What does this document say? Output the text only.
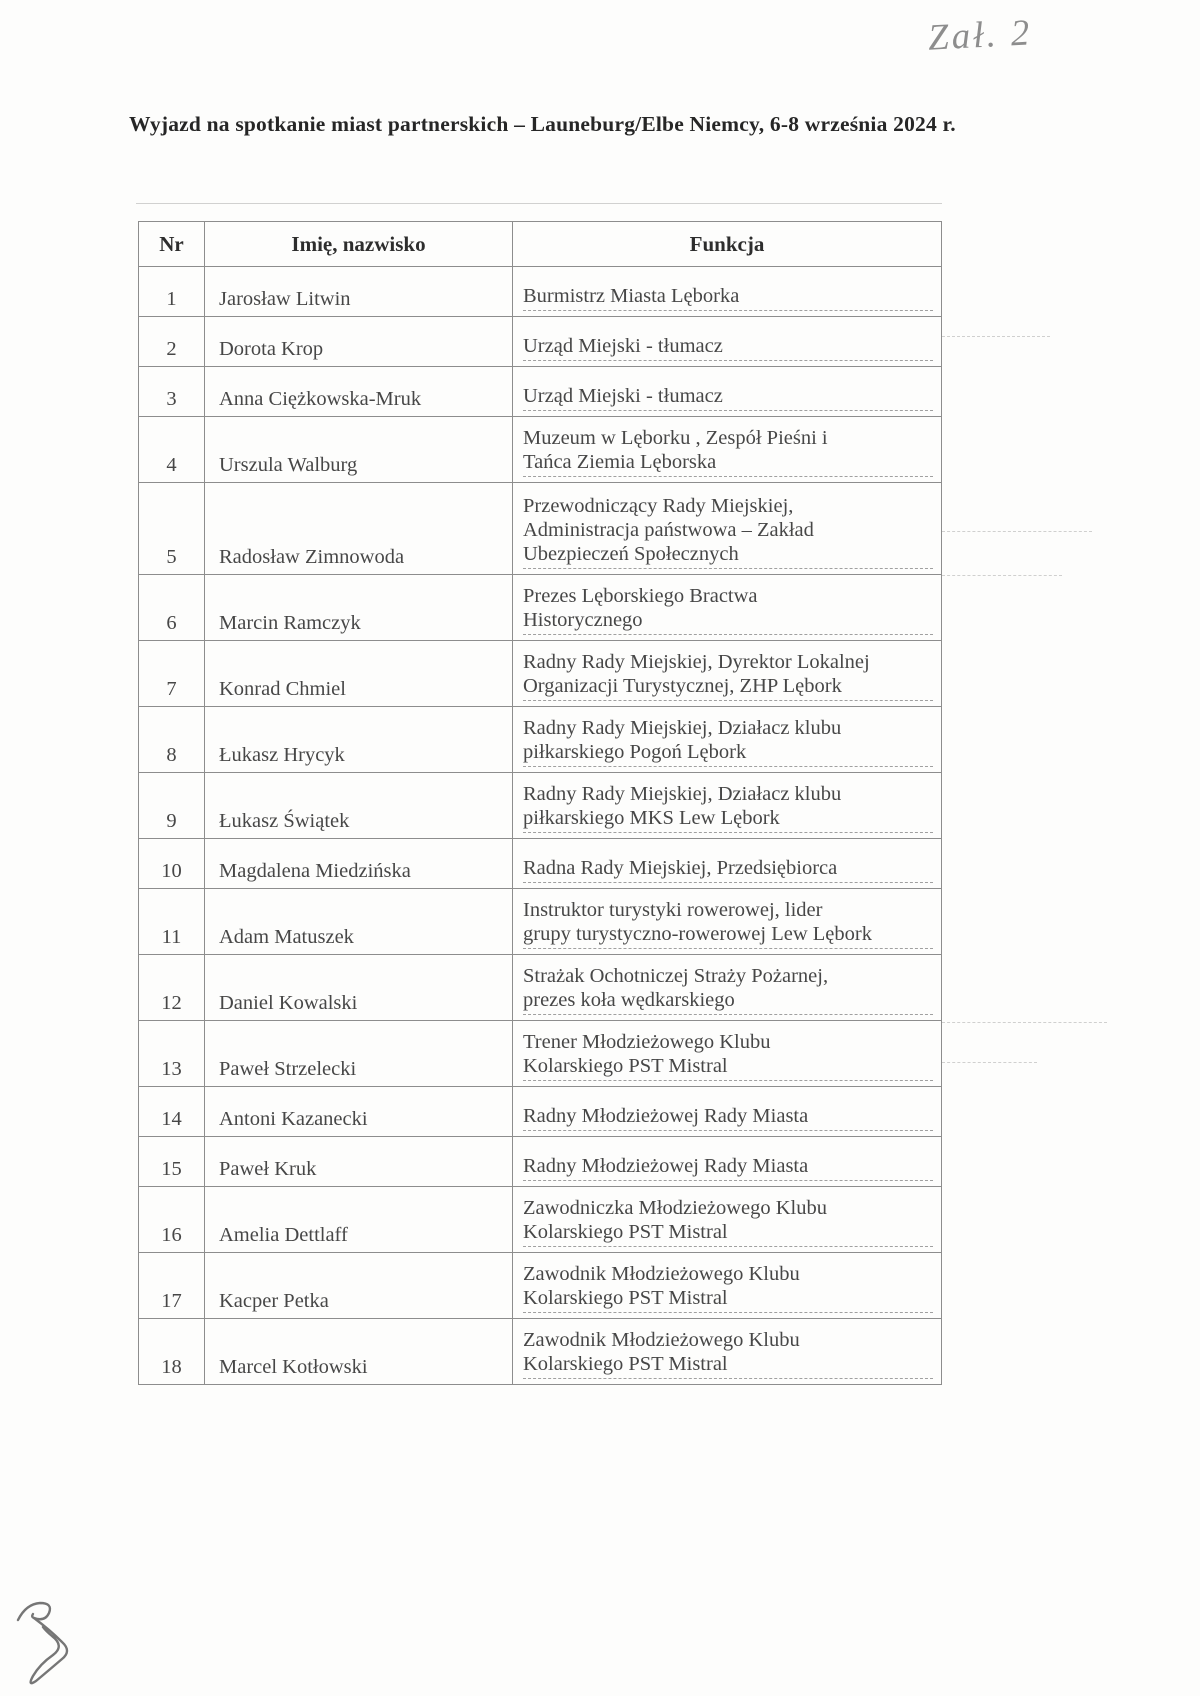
Zał. 2
Wyjazd na spotkanie miast partnerskich – Launeburg/Elbe Niemcy, 6-8 września 2024 r.
Nr	Imię, nazwisko	Funkcja
1	Jarosław Litwin	Burmistrz Miasta Lęborka

2	Dorota Krop	Urząd Miejski - tłumacz

3	Anna Ciężkowska-Mruk	Urząd Miejski - tłumacz

4	Urszula Walburg	Muzeum w Lęborku , Zespół Pieśni i
Tańca Ziemia Lęborska

5	Radosław Zimnowoda	Przewodniczący Rady Miejskiej,
Administracja państwowa – Zakład
Ubezpieczeń Społecznych

6	Marcin Ramczyk	Prezes Lęborskiego Bractwa
Historycznego

7	Konrad Chmiel	Radny Rady Miejskiej, Dyrektor Lokalnej
Organizacji Turystycznej, ZHP Lębork

8	Łukasz Hrycyk	Radny Rady Miejskiej, Działacz klubu
piłkarskiego Pogoń Lębork

9	Łukasz Świątek	Radny Rady Miejskiej, Działacz klubu
piłkarskiego MKS Lew Lębork

10	Magdalena Miedzińska	Radna Rady Miejskiej, Przedsiębiorca

11	Adam Matuszek	Instruktor turystyki rowerowej, lider
grupy turystyczno-rowerowej Lew Lębork

12	Daniel Kowalski	Strażak Ochotniczej Straży Pożarnej,
prezes koła wędkarskiego

13	Paweł Strzelecki	Trener Młodzieżowego Klubu
Kolarskiego PST Mistral

14	Antoni Kazanecki	Radny Młodzieżowej Rady Miasta

15	Paweł Kruk	Radny Młodzieżowej Rady Miasta

16	Amelia Dettlaff	Zawodniczka Młodzieżowego Klubu
Kolarskiego PST Mistral

17	Kacper Petka	Zawodnik Młodzieżowego Klubu
Kolarskiego PST Mistral

18	Marcel Kotłowski	Zawodnik Młodzieżowego Klubu
Kolarskiego PST Mistral
